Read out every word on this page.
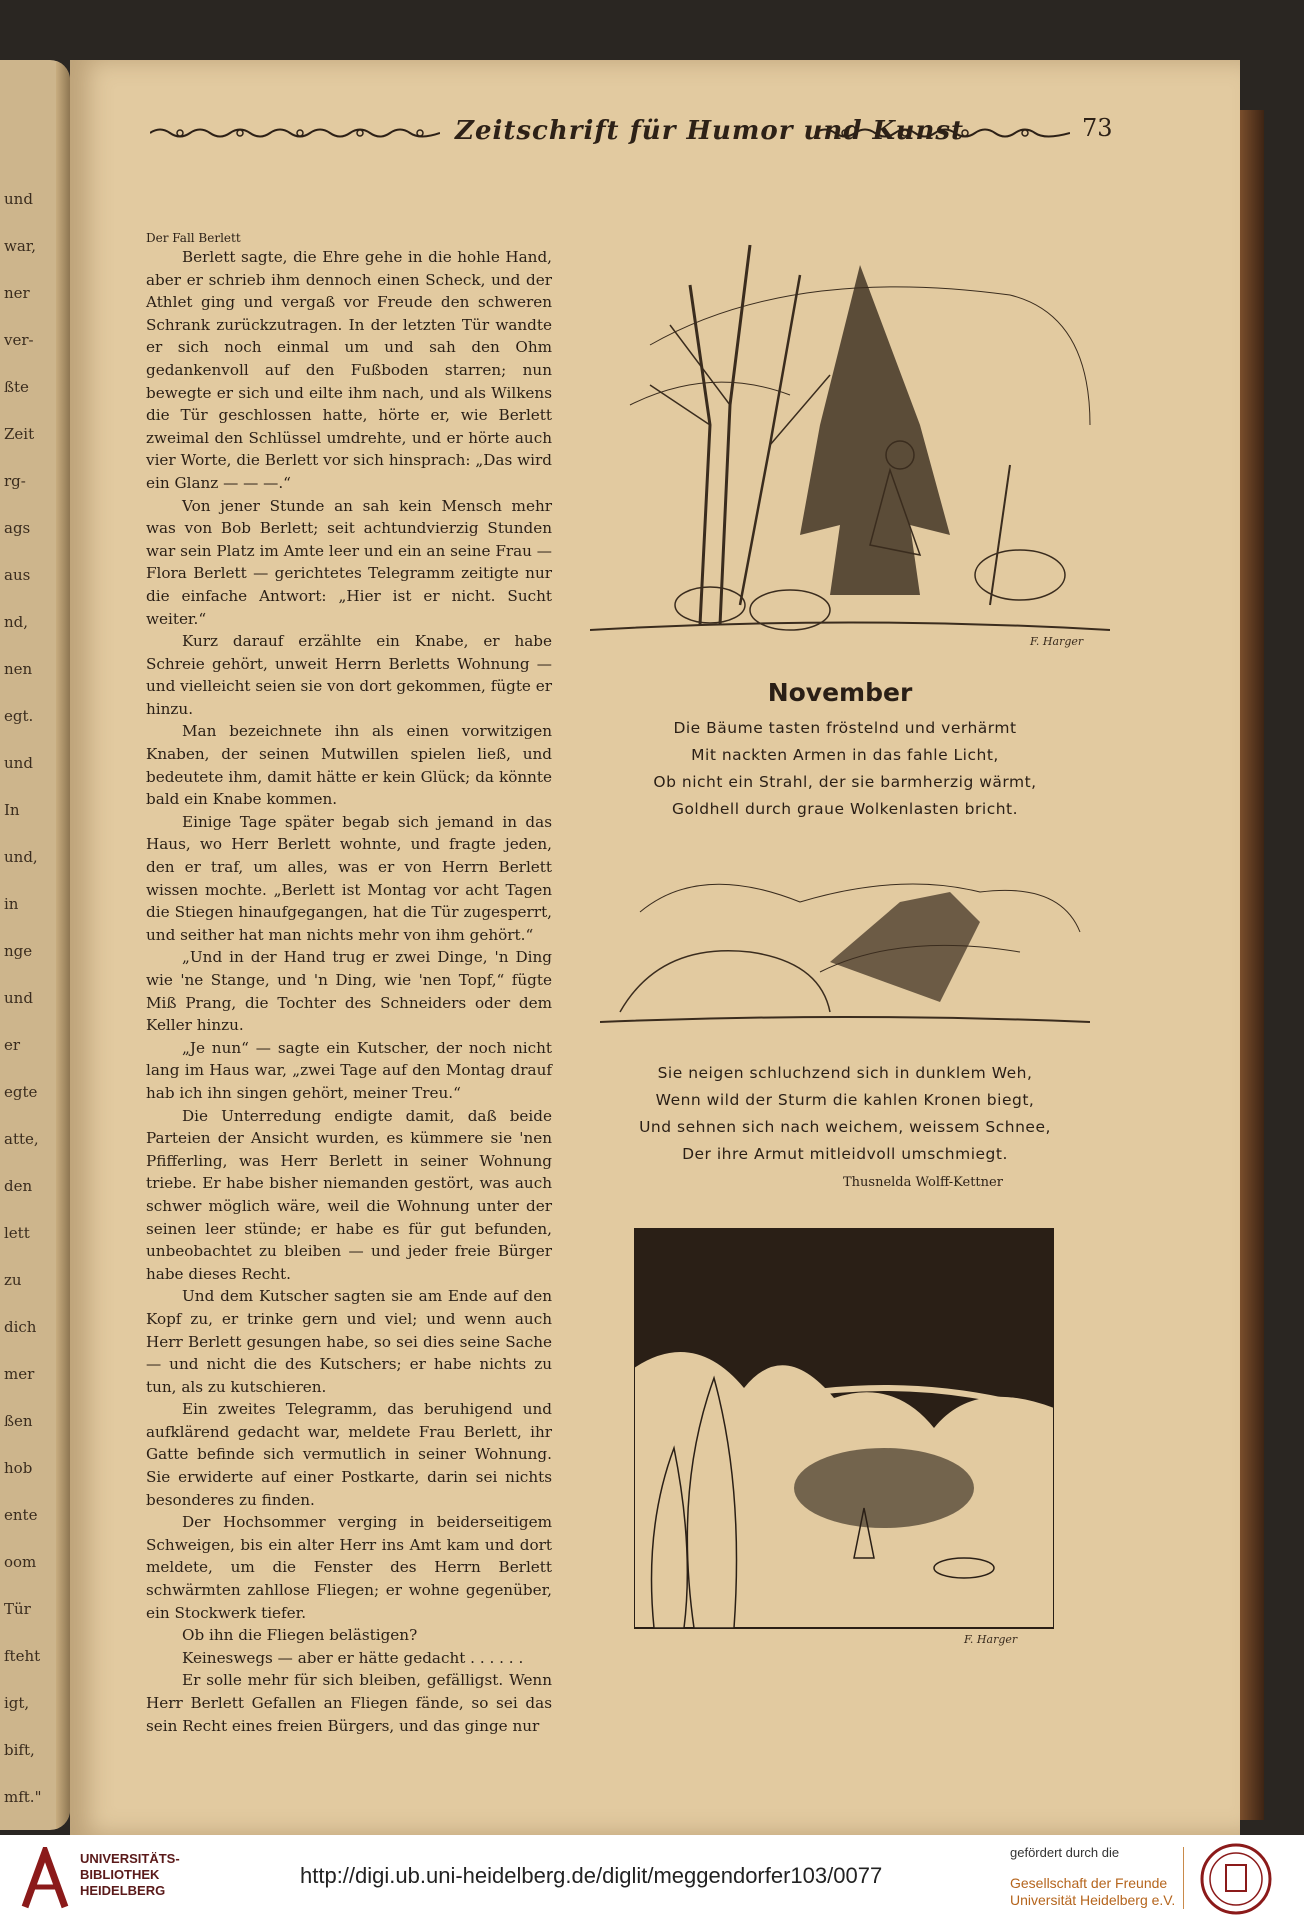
und
war,
ner
ver-
ßte
Zeit
rg-
ags
aus
nd,
nen
egt.
und
In
und,
in
nge
und
er
egte
atte,
den
lett
zu
dich
mer
ßen
hob
ente
oom
Tür
fteht
igt,
bift,
mft."
Zeitschrift für Humor und Kunst	73
Der Fall Berlett

Berlett sagte, die Ehre gehe in die hohle Hand, aber er schrieb ihm dennoch einen Scheck, und der Athlet ging und vergaß vor Freude den schweren Schrank zurückzutragen. In der letzten Tür wandte er sich noch einmal um und sah den Ohm gedankenvoll auf den Fußboden starren; nun bewegte er sich und eilte ihm nach, und als Wilkens die Tür geschlossen hatte, hörte er, wie Berlett zweimal den Schlüssel umdrehte, und er hörte auch vier Worte, die Berlett vor sich hinsprach: „Das wird ein Glanz — — —.“

Von jener Stunde an sah kein Mensch mehr was von Bob Berlett; seit achtundvierzig Stunden war sein Platz im Amte leer und ein an seine Frau — Flora Berlett — gerichtetes Telegramm zeitigte nur die einfache Antwort: „Hier ist er nicht. Sucht weiter.“

Kurz darauf erzählte ein Knabe, er habe Schreie gehört, unweit Herrn Berletts Wohnung — und vielleicht seien sie von dort gekommen, fügte er hinzu.

Man bezeichnete ihn als einen vorwitzigen Knaben, der seinen Mutwillen spielen ließ, und bedeutete ihm, damit hätte er kein Glück; da könnte bald ein Knabe kommen.

Einige Tage später begab sich jemand in das Haus, wo Herr Berlett wohnte, und fragte jeden, den er traf, um alles, was er von Herrn Berlett wissen mochte. „Berlett ist Montag vor acht Tagen die Stiegen hinaufgegangen, hat die Tür zugesperrt, und seither hat man nichts mehr von ihm gehört.“

„Und in der Hand trug er zwei Dinge, 'n Ding wie 'ne Stange, und 'n Ding, wie 'nen Topf,“ fügte Miß Prang, die Tochter des Schneiders oder dem Keller hinzu.

„Je nun“ — sagte ein Kutscher, der noch nicht lang im Haus war, „zwei Tage auf den Montag drauf hab ich ihn singen gehört, meiner Treu.“

Die Unterredung endigte damit, daß beide Parteien der Ansicht wurden, es kümmere sie 'nen Pfifferling, was Herr Berlett in seiner Wohnung triebe. Er habe bisher niemanden gestört, was auch schwer möglich wäre, weil die Wohnung unter der seinen leer stünde; er habe es für gut befunden, unbeobachtet zu bleiben — und jeder freie Bürger habe dieses Recht.

Und dem Kutscher sagten sie am Ende auf den Kopf zu, er trinke gern und viel; und wenn auch Herr Berlett gesungen habe, so sei dies seine Sache — und nicht die des Kutschers; er habe nichts zu tun, als zu kutschieren.

Ein zweites Telegramm, das beruhigend und aufklärend gedacht war, meldete Frau Berlett, ihr Gatte befinde sich vermutlich in seiner Wohnung. Sie erwiderte auf einer Postkarte, darin sei nichts besonderes zu finden.

Der Hochsommer verging in beiderseitigem Schweigen, bis ein alter Herr ins Amt kam und dort meldete, um die Fenster des Herrn Berlett schwärmten zahllose Fliegen; er wohne gegenüber, ein Stockwerk tiefer.

Ob ihn die Fliegen belästigen?

Keineswegs — aber er hätte gedacht . . . . . .

Er solle mehr für sich bleiben, gefälligst. Wenn Herr Berlett Gefallen an Fliegen fände, so sei das sein Recht eines freien Bürgers, und das ginge nur

F. Harger
November
Die Bäume tasten fröstelnd und verhärmt
Mit nackten Armen in das fahle Licht,
Ob nicht ein Strahl, der sie barmherzig wärmt,
Goldhell durch graue Wolkenlasten bricht.
Sie neigen schluchzend sich in dunklem Weh,
Wenn wild der Sturm die kahlen Kronen biegt,
Und sehnen sich nach weichem, weissem Schnee,
Der ihre Armut mitleidvoll umschmiegt.
Thusnelda Wolff-Kettner
F. Harger
UNIVERSITÄTS-
BIBLIOTHEK
HEIDELBERG
http://digi.ub.uni-heidelberg.de/diglit/meggendorfer103/0077
gefördert durch die
Gesellschaft der Freunde
Universität Heidelberg e.V.
